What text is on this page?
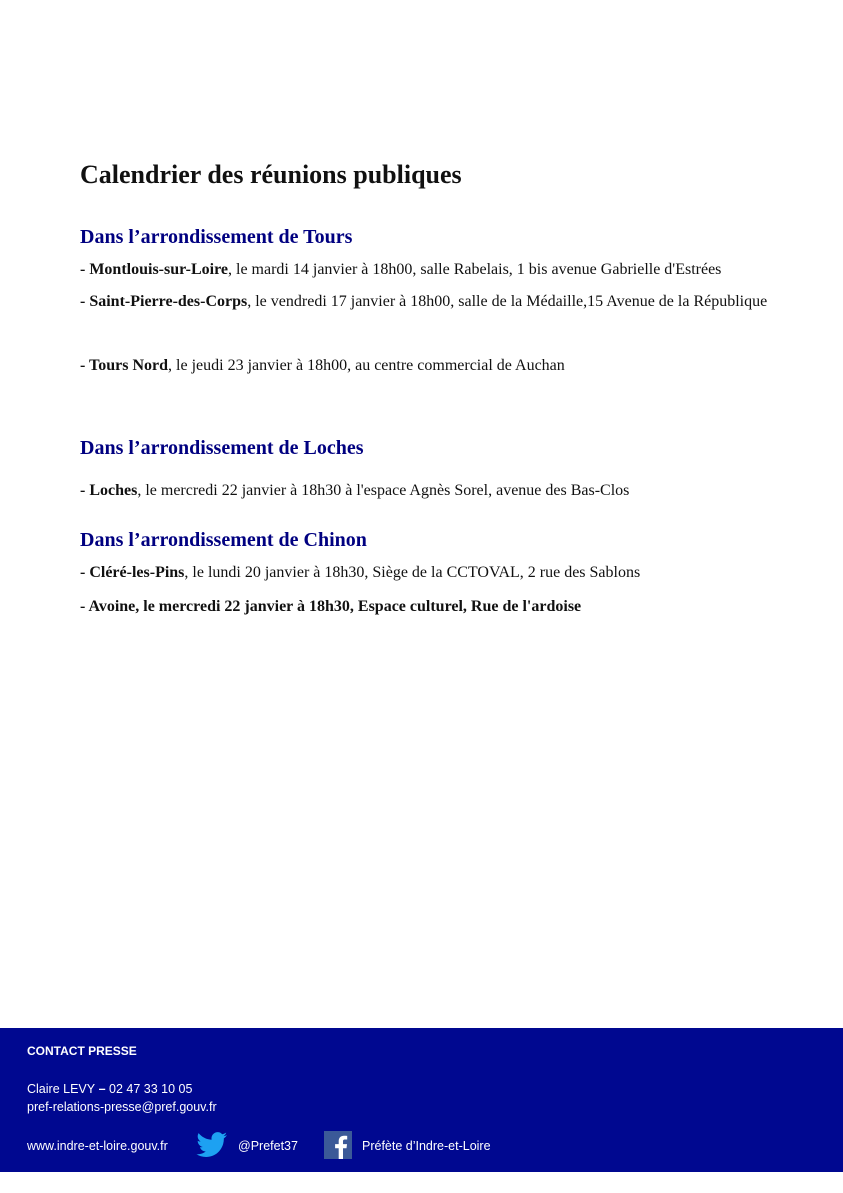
Calendrier des réunions publiques
Dans l’arrondissement de Tours

- Montlouis-sur-Loire, le mardi 14 janvier à 18h00, salle Rabelais, 1 bis avenue Gabrielle d'Estrées

- Saint-Pierre-des-Corps, le vendredi 17 janvier à 18h00, salle de la Médaille,15 Avenue de la République

- Tours Nord, le jeudi 23 janvier à 18h00, au centre commercial de Auchan

Dans l’arrondissement de Loches

- Loches, le mercredi 22 janvier à 18h30 à l'espace Agnès Sorel, avenue des Bas-Clos

Dans l’arrondissement de Chinon

- Cléré-les-Pins, le lundi 20 janvier à 18h30, Siège de la CCTOVAL, 2 rue des Sablons

- Avoine, le mercredi 22 janvier à 18h30, Espace culturel, Rue de l'ardoise

CONTACT PRESSE
Claire LEVY – 02 47 33 10 05
pref-relations-presse@pref.gouv.fr
www.indre-et-loire.gouv.fr	@Prefet37	Préfète d’Indre-et-Loire
